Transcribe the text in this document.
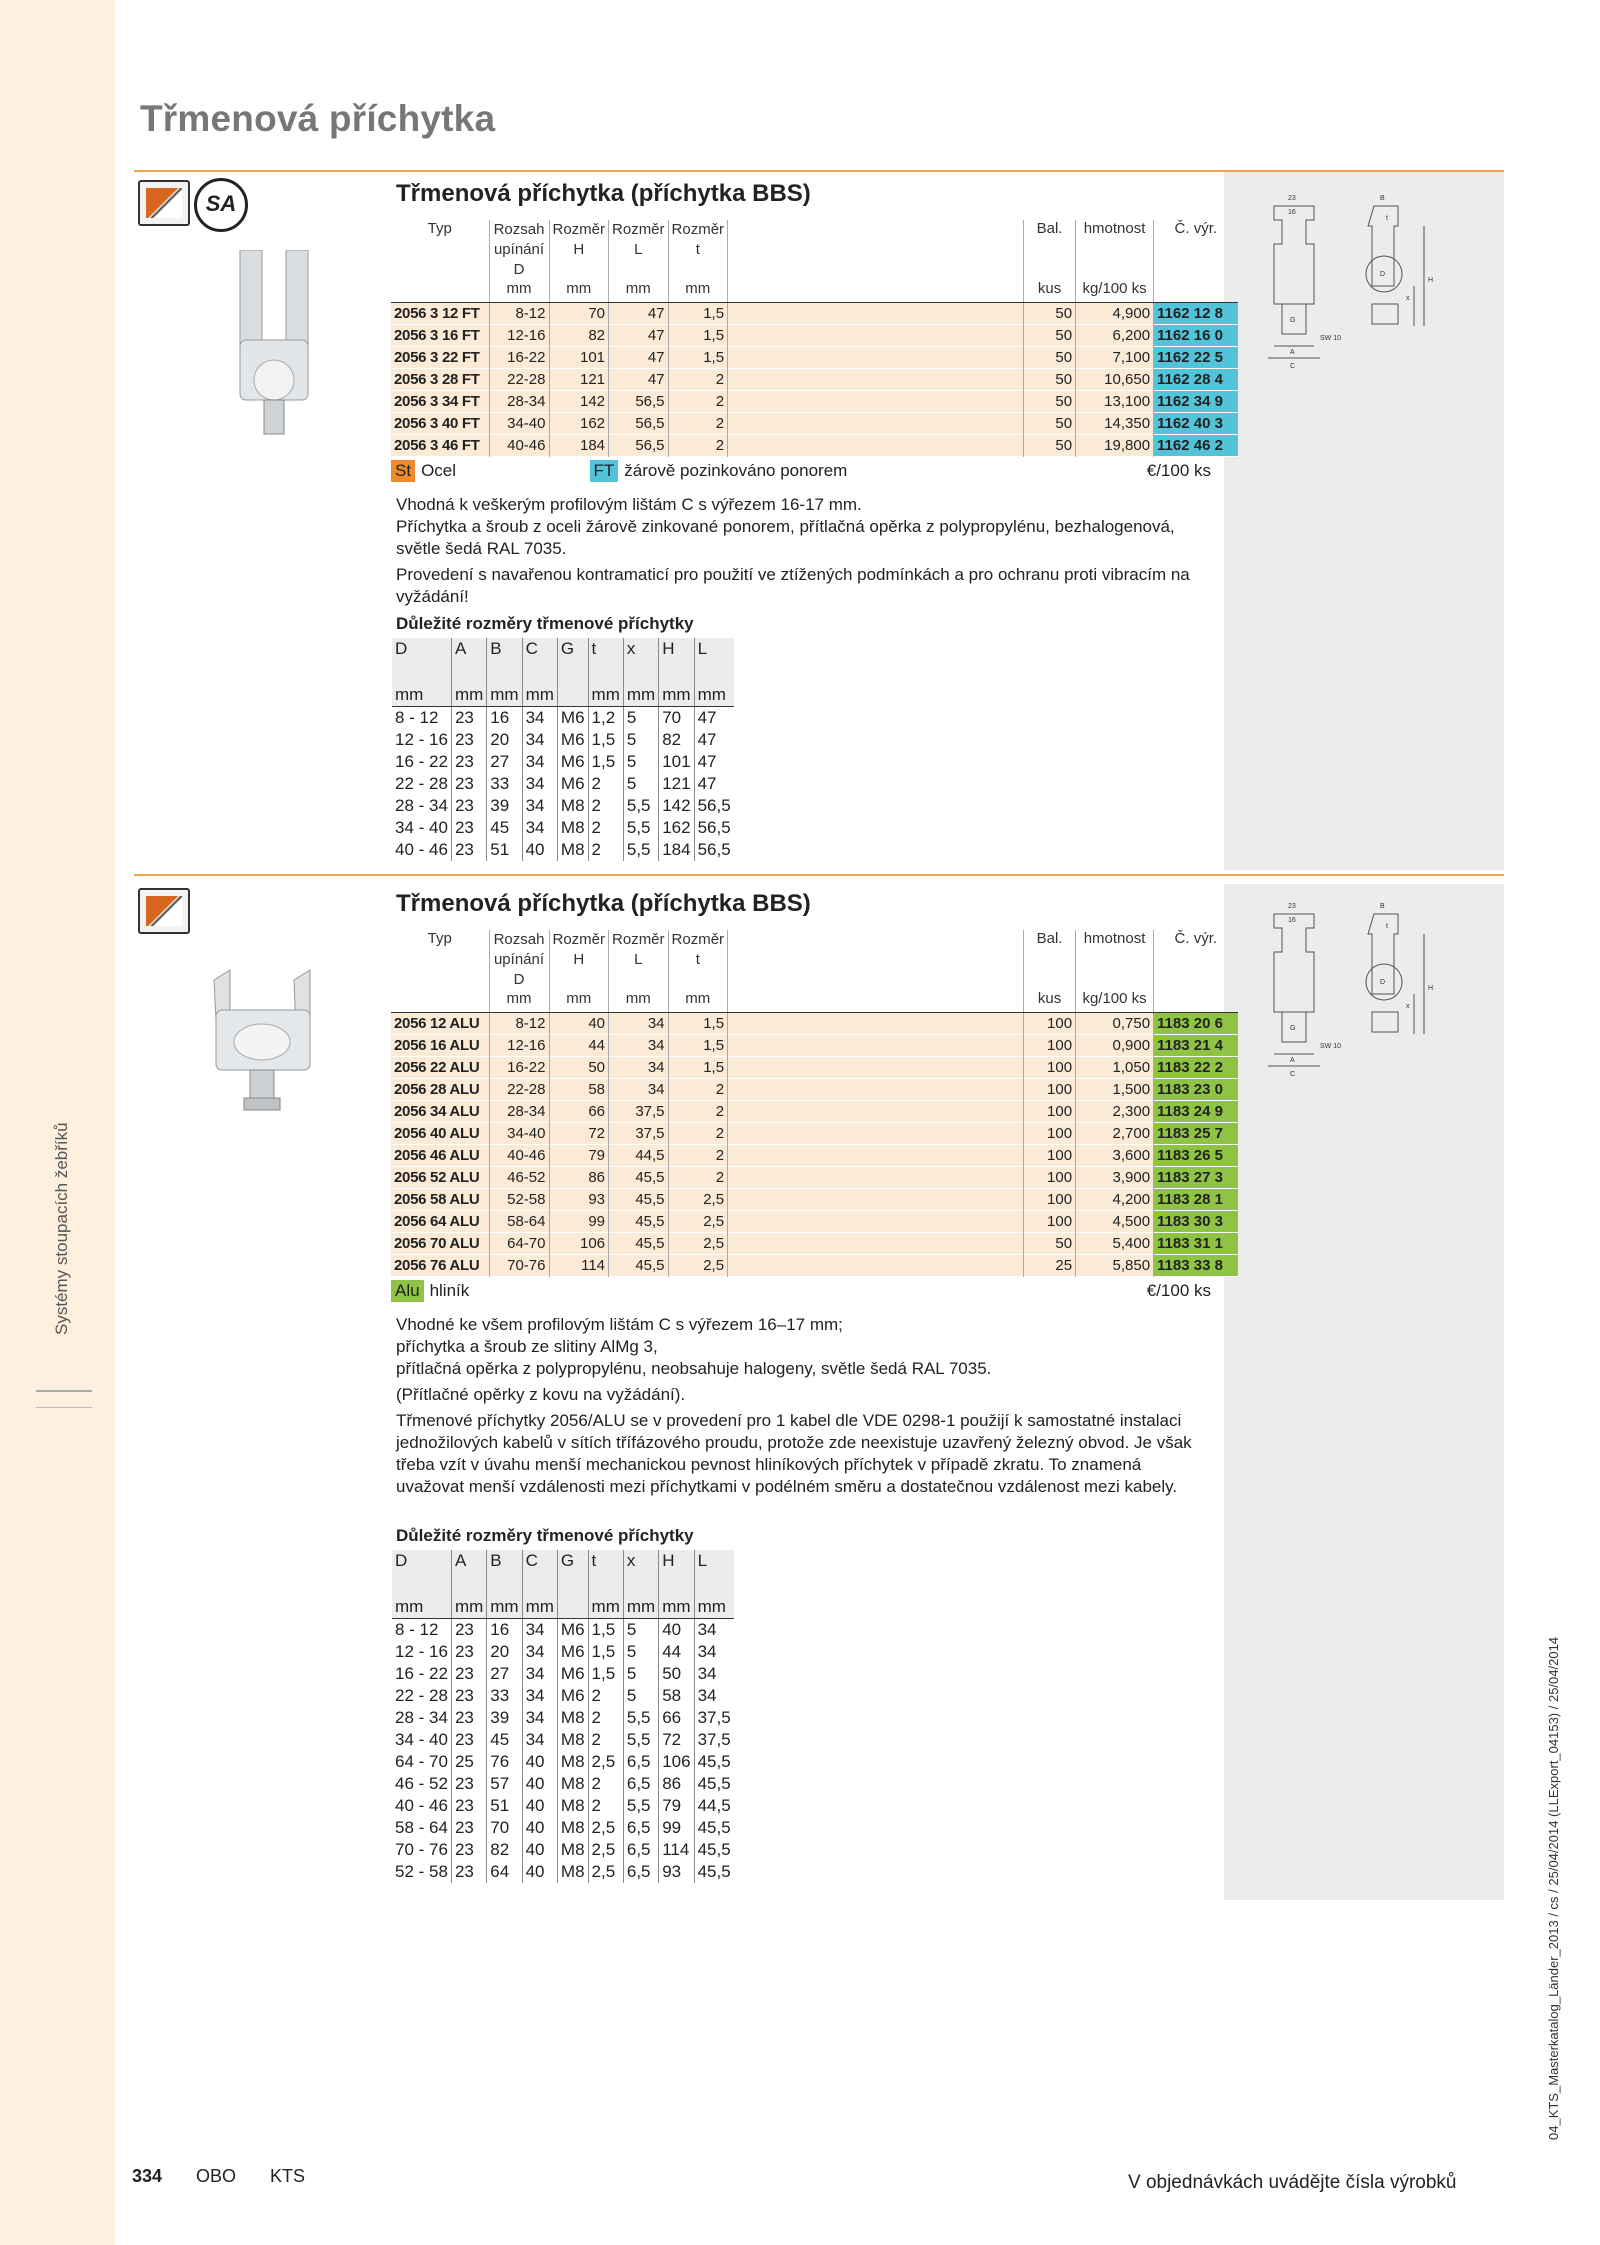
Systémy stoupacích žebříků
Třmenová příchytka
SA	Třmenová příchytka (příchytka BBS)
Typ	Rozsah upínání D	Rozměr H	Rozměr L	Rozměr t		Bal.	hmotnost	Č. výr.
	mm	mm	mm	mm		kus	kg/100 ks	
2056 3 12 FT	8-12	70	47	1,5		50	4,900	1162 12 8
2056 3 16 FT	12-16	82	47	1,5		50	6,200	1162 16 0
2056 3 22 FT	16-22	101	47	1,5		50	7,100	1162 22 5
2056 3 28 FT	22-28	121	47	2		50	10,650	1162 28 4
2056 3 34 FT	28-34	142	56,5	2		50	13,100	1162 34 9
2056 3 40 FT	34-40	162	56,5	2		50	14,350	1162 40 3
2056 3 46 FT	40-46	184	56,5	2		50	19,800	1162 46 2
St Ocel	FT žárově pozinkováno ponorem	€/100 ks

Vhodná k veškerým profilovým lištám C s výřezem 16-17 mm.
Příchytka a šroub z oceli žárově zinkované ponorem, přítlačná opěrka z polypropylénu, bezhalogenová, světle šedá RAL 7035.

Provedení s navařenou kontramaticí pro použití ve ztížených podmínkách a pro ochranu proti vibracím na vyžádání!

Důležité rozměry třmenové příchytky
D	A	B	C	G	t	x	H	L
mm	mm	mm	mm		mm	mm	mm	mm
8 - 12	23	16	34	M6	1,2	5	70	47
12 - 16	23	20	34	M6	1,5	5	82	47
16 - 22	23	27	34	M6	1,5	5	101	47
22 - 28	23	33	34	M6	2	5	121	47
28 - 34	23	39	34	M8	2	5,5	142	56,5
34 - 40	23	45	34	M8	2	5,5	162	56,5
40 - 46	23	51	40	M8	2	5,5	184	56,5
23
16
B
t
H
D
x
G
SW 10
A
C
Třmenová příchytka (příchytka BBS)
Typ	Rozsah upínání D	Rozměr H	Rozměr L	Rozměr t		Bal.	hmotnost	Č. výr.
	mm	mm	mm	mm		kus	kg/100 ks	
2056 12 ALU	8-12	40	34	1,5		100	0,750	1183 20 6
2056 16 ALU	12-16	44	34	1,5		100	0,900	1183 21 4
2056 22 ALU	16-22	50	34	1,5		100	1,050	1183 22 2
2056 28 ALU	22-28	58	34	2		100	1,500	1183 23 0
2056 34 ALU	28-34	66	37,5	2		100	2,300	1183 24 9
2056 40 ALU	34-40	72	37,5	2		100	2,700	1183 25 7
2056 46 ALU	40-46	79	44,5	2		100	3,600	1183 26 5
2056 52 ALU	46-52	86	45,5	2		100	3,900	1183 27 3
2056 58 ALU	52-58	93	45,5	2,5		100	4,200	1183 28 1
2056 64 ALU	58-64	99	45,5	2,5		100	4,500	1183 30 3
2056 70 ALU	64-70	106	45,5	2,5		50	5,400	1183 31 1
2056 76 ALU	70-76	114	45,5	2,5		25	5,850	1183 33 8
Alu hliník	€/100 ks

Vhodné ke všem profilovým lištám C s výřezem 16–17 mm;
příchytka a šroub ze slitiny AlMg 3,
přítlačná opěrka z polypropylénu, neobsahuje halogeny, světle šedá RAL 7035.

(Přítlačné opěrky z kovu na vyžádání).

Třmenové příchytky 2056/ALU se v provedení pro 1 kabel dle VDE 0298-1 použijí k samostatné instalaci jednožilových kabelů v sítích třífázového proudu, protože zde neexistuje uzavřený železný obvod. Je však třeba vzít v úvahu menší mechanickou pevnost hliníkových příchytek v případě zkratu. To znamená uvažovat menší vzdálenosti mezi příchytkami v podélném směru a dostatečnou vzdálenost mezi kabely.

Důležité rozměry třmenové příchytky
D	A	B	C	G	t	x	H	L
mm	mm	mm	mm		mm	mm	mm	mm
8 - 12	23	16	34	M6	1,5	5	40	34
12 - 16	23	20	34	M6	1,5	5	44	34
16 - 22	23	27	34	M6	1,5	5	50	34
22 - 28	23	33	34	M6	2	5	58	34
28 - 34	23	39	34	M8	2	5,5	66	37,5
34 - 40	23	45	34	M8	2	5,5	72	37,5
64 - 70	25	76	40	M8	2,5	6,5	106	45,5
46 - 52	23	57	40	M8	2	6,5	86	45,5
40 - 46	23	51	40	M8	2	5,5	79	44,5
58 - 64	23	70	40	M8	2,5	6,5	99	45,5
70 - 76	23	82	40	M8	2,5	6,5	114	45,5
52 - 58	23	64	40	M8	2,5	6,5	93	45,5
23
16
B
t
H
D
x
G
SW 10
A
C
334 OBO KTS	V objednávkách uvádějte čísla výrobků
04_KTS_Masterkatalog_Länder_2013 / cs / 25/04/2014 (LLExport_04153) / 25/04/2014
